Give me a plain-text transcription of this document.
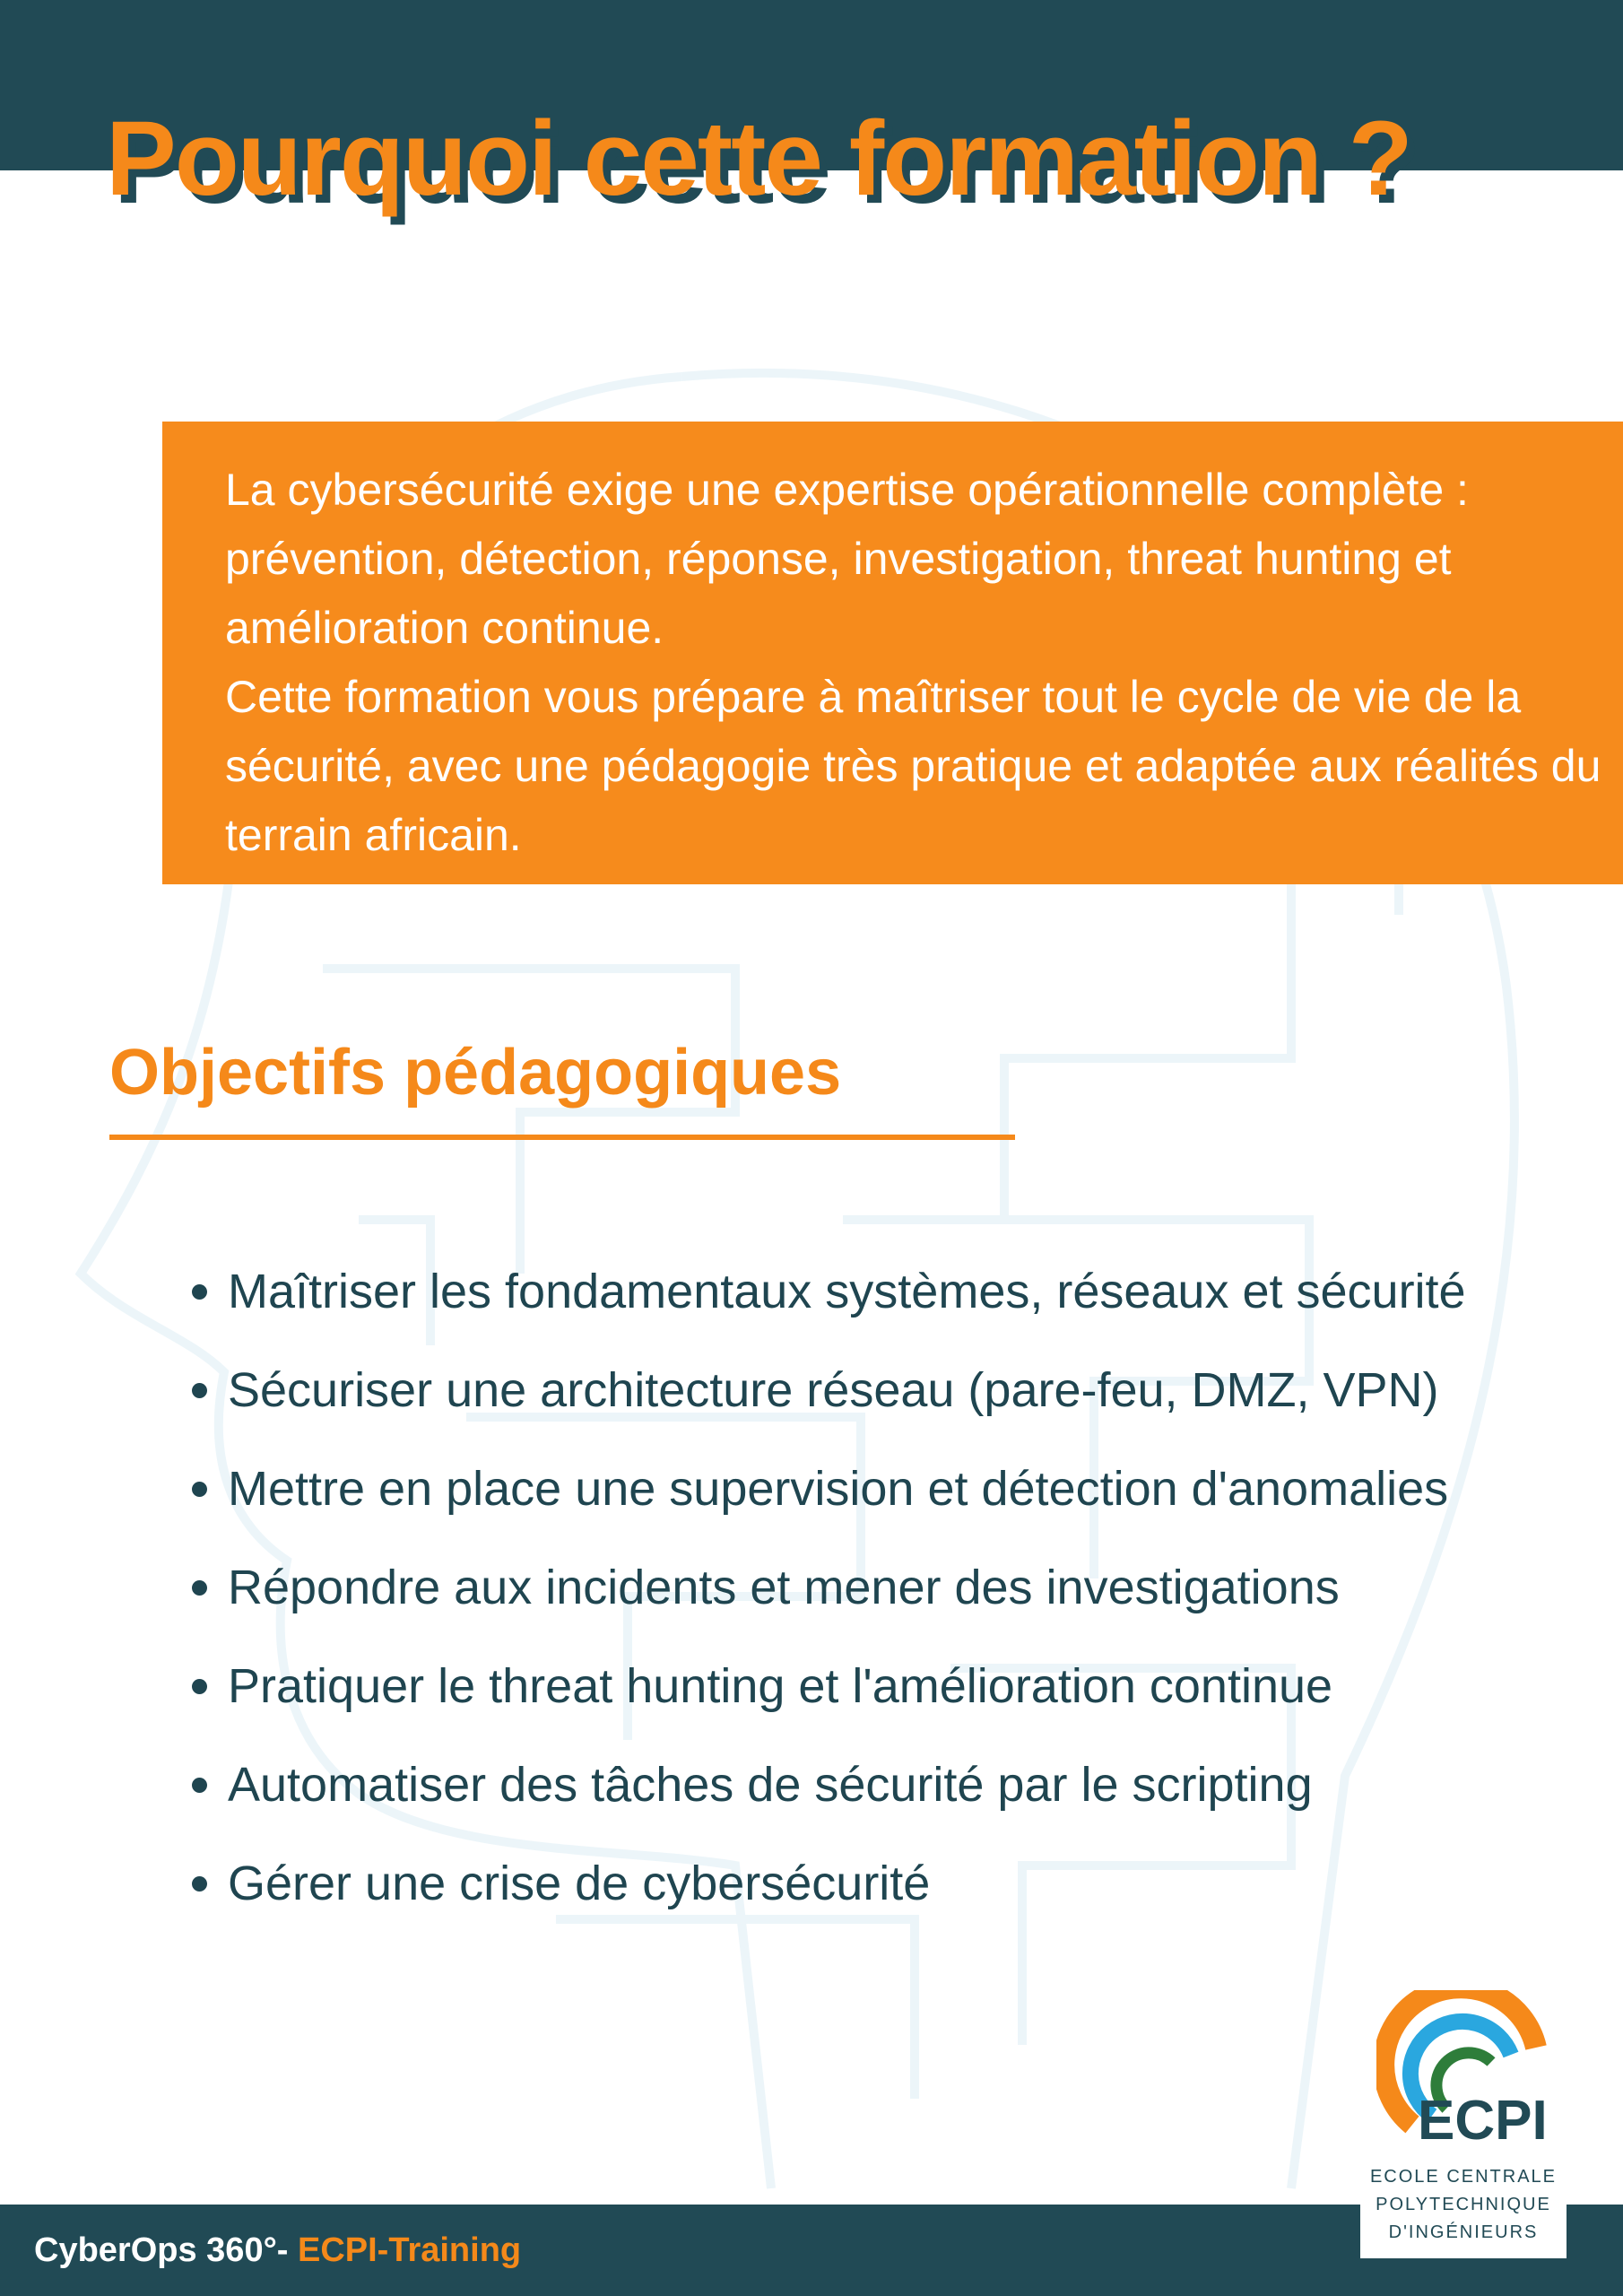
Pourquoi cette formation ?

La cybersécurité exige une expertise opérationnelle complète : prévention, détection, réponse, investigation, threat hunting et amélioration continue.

Cette formation vous prépare à maîtriser tout le cycle de vie de la sécurité, avec une pédagogie très pratique et adaptée aux réalités du terrain africain.

Objectifs pédagogiques
Maîtriser les fondamentaux systèmes, réseaux et sécurité
Sécuriser une architecture réseau (pare-feu, DMZ, VPN)
Mettre en place une supervision et détection d'anomalies
Répondre aux incidents et mener des investigations
Pratiquer le threat hunting et l'amélioration continue
Automatiser des tâches de sécurité par le scripting
Gérer une crise de cybersécurité
CyberOps 360°- ECPI-Training
ECPI
ECOLE CENTRALE
POLYTECHNIQUE
D'INGÉNIEURS
